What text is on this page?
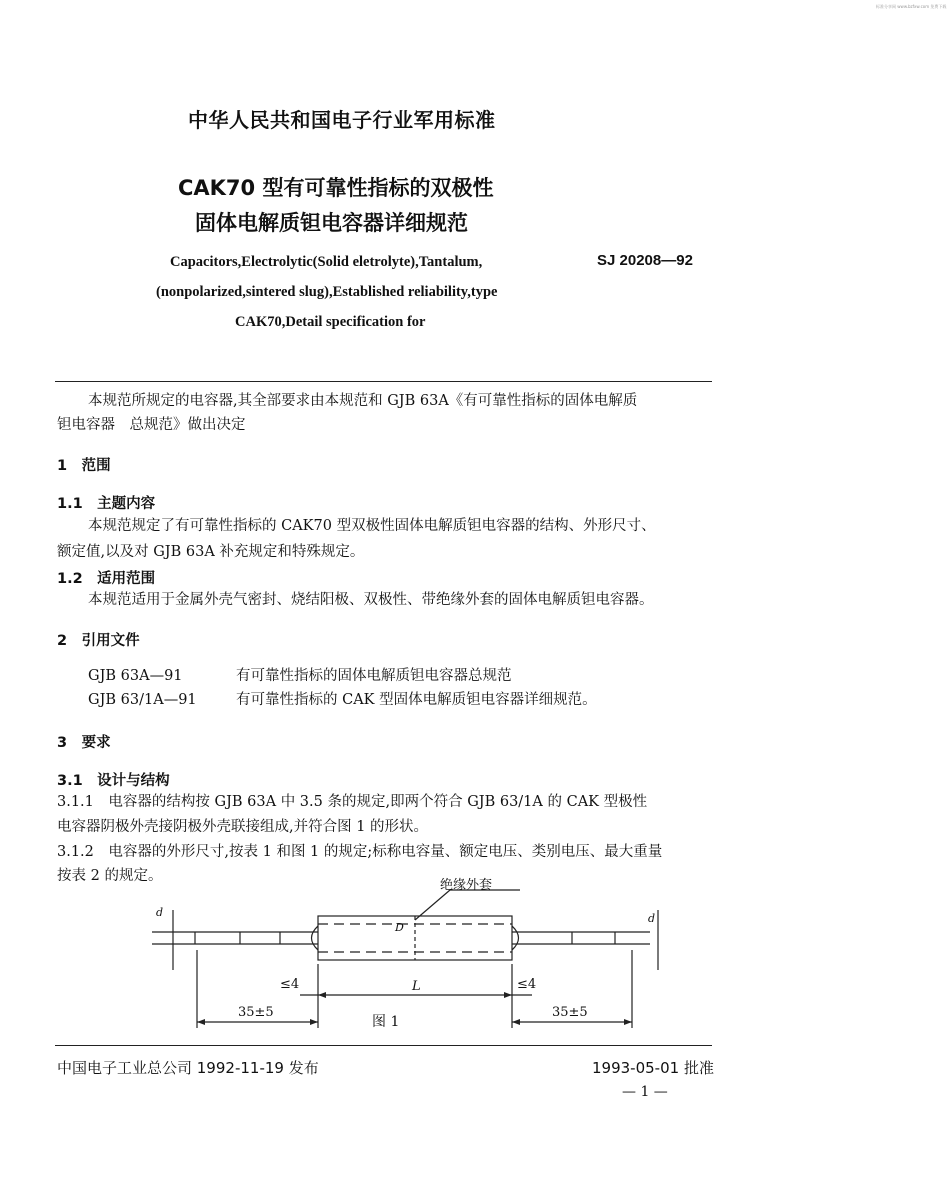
标准分享网 www.bzfxw.com 免费下载
中华人民共和国电子行业军用标准
CAK70 型有可靠性指标的双极性
固体电解质钽电容器详细规范
Capacitors,Electrolytic(Solid eletrolyte),Tantalum,	SJ 20208—92
(nonpolarized,sintered slug),Established reliability,type
CAK70,Detail specification for
本规范所规定的电容器,其全部要求由本规范和 GJB 63A《有可靠性指标的固体电解质
钽电容器　总规范》做出决定
1　范围
1.1　主题内容
本规范规定了有可靠性指标的 CAK70 型双极性固体电解质钽电容器的结构、外形尺寸、
额定值,以及对 GJB 63A 补充规定和特殊规定。
1.2　适用范围
本规范适用于金属外壳气密封、烧结阳极、双极性、带绝缘外套的固体电解质钽电容器。
2　引用文件
GJB 63A—91	有可靠性指标的固体电解质钽电容器总规范
GJB 63/1A—91	有可靠性指标的 CAK 型固体电解质钽电容器详细规范。
3　要求
3.1　设计与结构
3.1.1　电容器的结构按 GJB 63A 中 3.5 条的规定,即两个符合 GJB 63/1A 的 CAK 型极性
电容器阴极外壳接阴极外壳联接组成,并符合图 1 的形状。
3.1.2　电容器的外形尺寸,按表 1 和图 1 的规定;标称电容量、额定电压、类别电压、最大重量
按表 2 的规定。
绝缘外套
d	d
D
≤4	L	≤4
35±5
图 1
35±5
中国电子工业总公司 1992-11-19 发布	1993-05-01 批准
— 1 —
